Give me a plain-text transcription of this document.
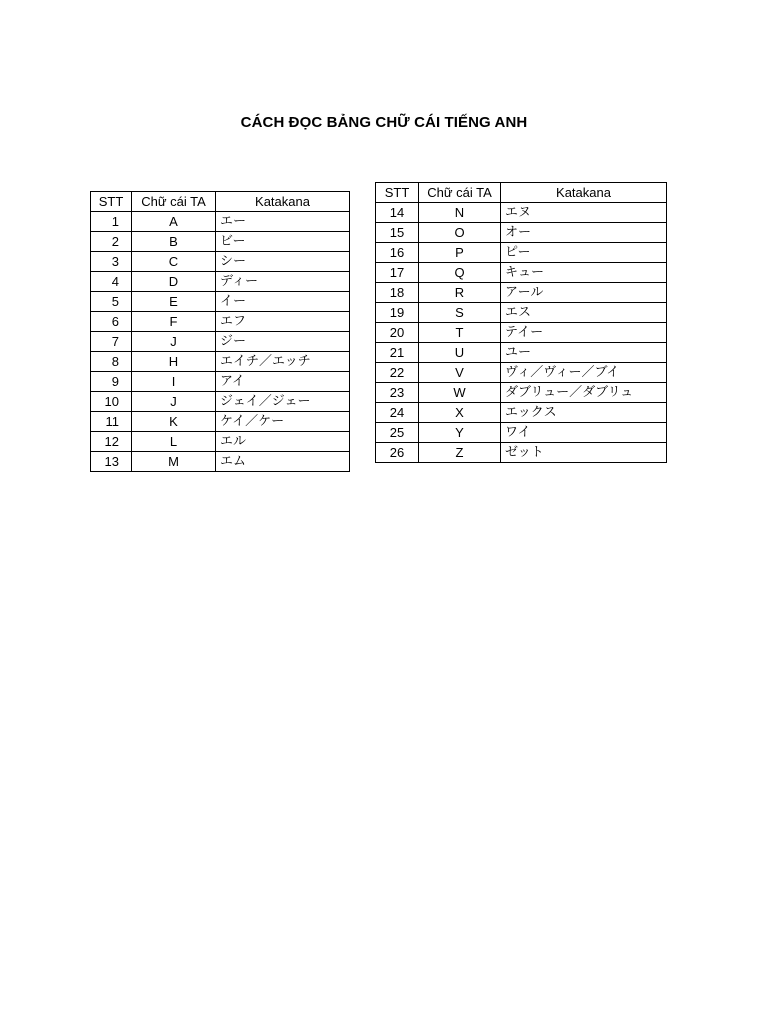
CÁCH ĐỌC BẢNG CHỮ CÁI TIẾNG ANH
STT	Chữ cái TA	Katakana
1	A	エー
2	B	ビー
3	C	シー
4	D	ディー
5	E	イー
6	F	エフ
7	J	ジー
8	H	エイチ／エッチ
9	I	アイ
10	J	ジェイ／ジェー
11	K	ケイ／ケー
12	L	エル
13	M	エム
STT	Chữ cái TA	Katakana
14	N	エヌ
15	O	オー
16	P	ピー
17	Q	キュー
18	R	アール
19	S	エス
20	T	テイー
21	U	ユー
22	V	ヴィ／ヴィー／ブイ
23	W	ダブリュー／ダブリュ
24	X	エックス
25	Y	ワイ
26	Z	ゼット
